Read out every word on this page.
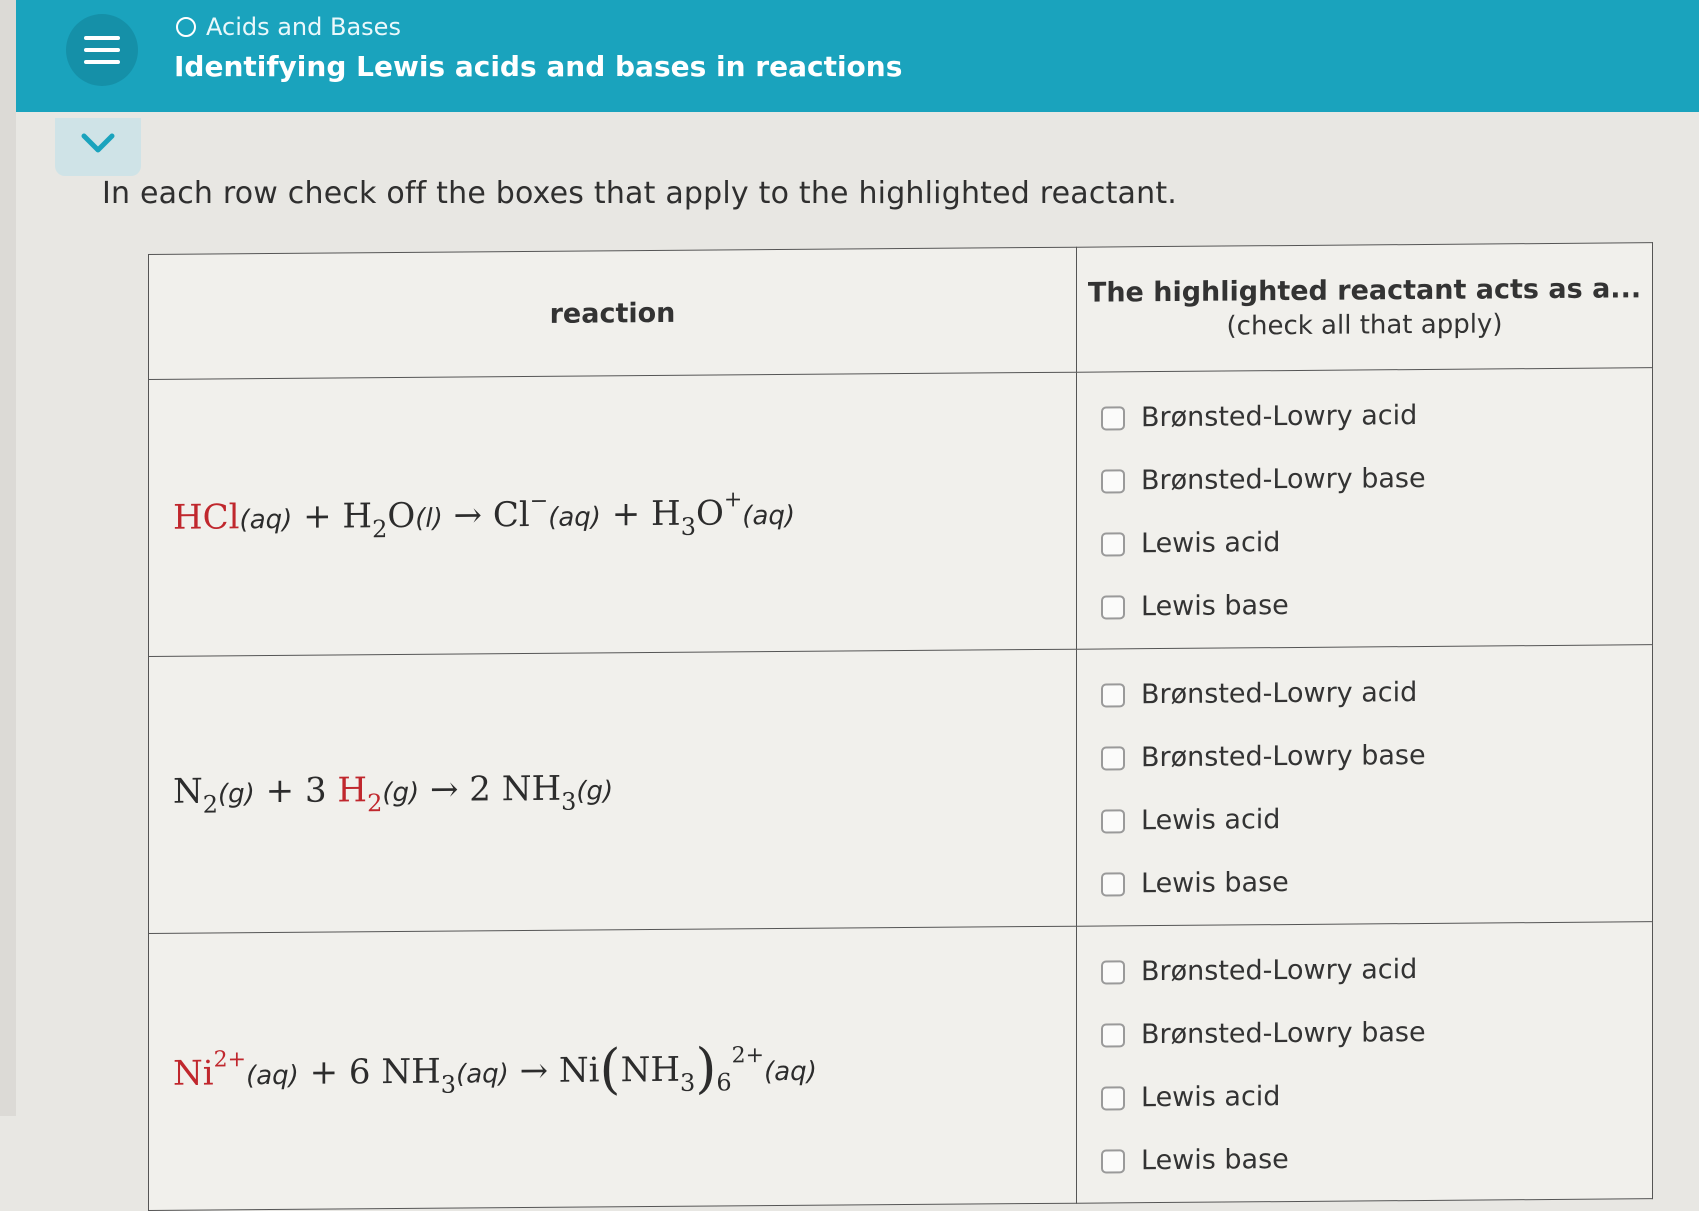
Acids and Bases
Identifying Lewis acids and bases in reactions
In each row check off the boxes that apply to the highlighted reactant.
reaction	The highlighted reactant acts as a...
(check all that apply)

$HCl(aq) + H_2O(l) \to Cl^-(aq) + H_3O^+(aq)$	Brønsted-Lowry acid
Brønsted-Lowry base
Lewis acid
Lewis base

$N_2(g) + 3$ $H_2(g) \to 2$ $NH_3(g)$	Brønsted-Lowry acid
Brønsted-Lowry base
Lewis acid
Lewis base

$Ni^{2+}(aq) + 6$ $NH_3(aq) \to Ni(NH_3)_6^{2+}(aq)$	Brønsted-Lowry acid
Brønsted-Lowry base
Lewis acid
Lewis base
